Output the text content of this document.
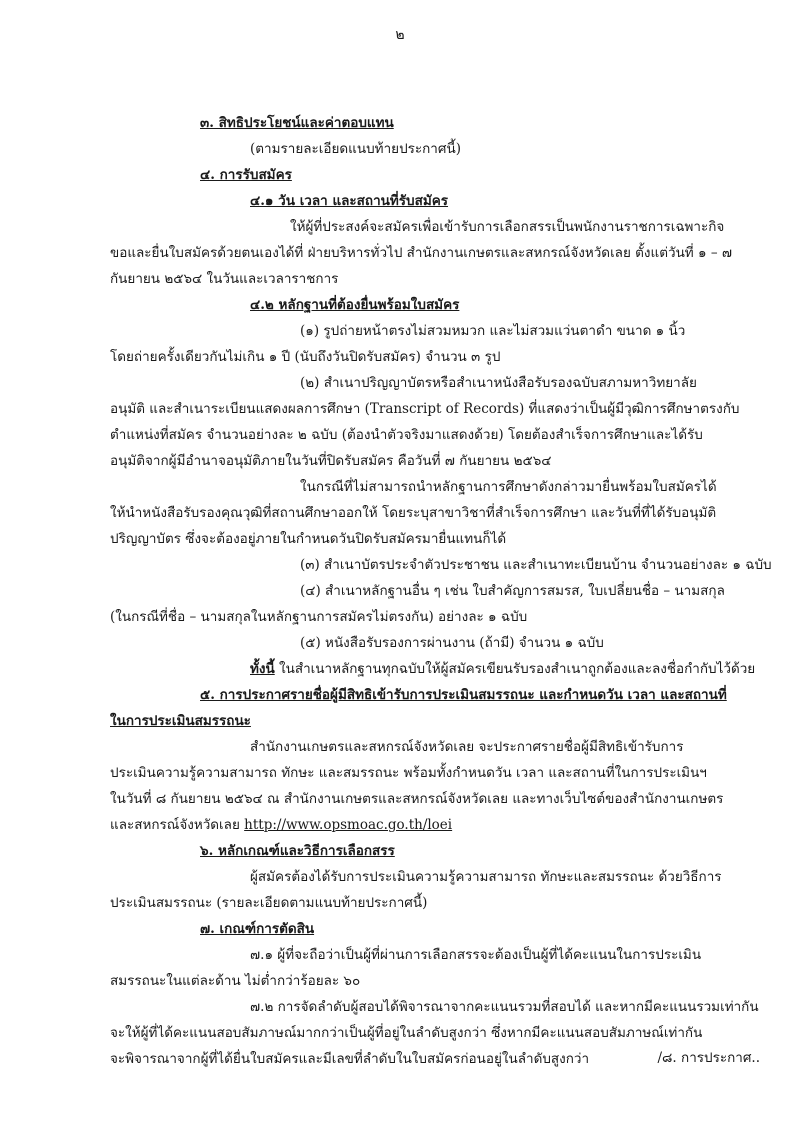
๒
๓. สิทธิประโยชน์และค่าตอบแทน
(ตามรายละเอียดแนบท้ายประกาศนี้)
๔. การรับสมัคร
๔.๑ วัน เวลา และสถานที่รับสมัคร
ให้ผู้ที่ประสงค์จะสมัครเพื่อเข้ารับการเลือกสรรเป็นพนักงานราชการเฉพาะกิจ
ขอและยื่นใบสมัครด้วยตนเองได้ที่ ฝ่ายบริหารทั่วไป สำนักงานเกษตรและสหกรณ์จังหวัดเลย ตั้งแต่วันที่ ๑ – ๗
กันยายน ๒๕๖๔ ในวันและเวลาราชการ
๔.๒ หลักฐานที่ต้องยื่นพร้อมใบสมัคร
(๑) รูปถ่ายหน้าตรงไม่สวมหมวก และไม่สวมแว่นตาดำ ขนาด ๑ นิ้ว
โดยถ่ายครั้งเดียวกันไม่เกิน ๑ ปี (นับถึงวันปิดรับสมัคร) จำนวน ๓ รูป
(๒) สำเนาปริญญาบัตรหรือสำเนาหนังสือรับรองฉบับสภามหาวิทยาลัย
อนุมัติ และสำเนาระเบียนแสดงผลการศึกษา (Transcript of Records) ที่แสดงว่าเป็นผู้มีวุฒิการศึกษาตรงกับ
ตำแหน่งที่สมัคร จำนวนอย่างละ ๒ ฉบับ (ต้องนำตัวจริงมาแสดงด้วย) โดยต้องสำเร็จการศึกษาและได้รับ
อนุมัติจากผู้มีอำนาจอนุมัติภายในวันที่ปิดรับสมัคร คือวันที่ ๗ กันยายน ๒๕๖๔
ในกรณีที่ไม่สามารถนำหลักฐานการศึกษาดังกล่าวมายื่นพร้อมใบสมัครได้
ให้นำหนังสือรับรองคุณวุฒิที่สถานศึกษาออกให้ โดยระบุสาขาวิชาที่สำเร็จการศึกษา และวันที่ที่ได้รับอนุมัติ
ปริญญาบัตร ซึ่งจะต้องอยู่ภายในกำหนดวันปิดรับสมัครมายื่นแทนก็ได้
(๓) สำเนาบัตรประจำตัวประชาชน และสำเนาทะเบียนบ้าน จำนวนอย่างละ ๑ ฉบับ
(๔) สำเนาหลักฐานอื่น ๆ เช่น ใบสำคัญการสมรส, ใบเปลี่ยนชื่อ – นามสกุล
(ในกรณีที่ชื่อ – นามสกุลในหลักฐานการสมัครไม่ตรงกัน) อย่างละ ๑ ฉบับ
(๕) หนังสือรับรองการผ่านงาน (ถ้ามี) จำนวน ๑ ฉบับ
ทั้งนี้ ในสำเนาหลักฐานทุกฉบับให้ผู้สมัครเขียนรับรองสำเนาถูกต้องและลงชื่อกำกับไว้ด้วย
๕. การประกาศรายชื่อผู้มีสิทธิเข้ารับการประเมินสมรรถนะ และกำหนดวัน เวลา และสถานที่
ในการประเมินสมรรถนะ
สำนักงานเกษตรและสหกรณ์จังหวัดเลย จะประกาศรายชื่อผู้มีสิทธิเข้ารับการ
ประเมินความรู้ความสามารถ ทักษะ และสมรรถนะ พร้อมทั้งกำหนดวัน เวลา และสถานที่ในการประเมินฯ
ในวันที่ ๘ กันยายน ๒๕๖๔ ณ สำนักงานเกษตรและสหกรณ์จังหวัดเลย และทางเว็บไซต์ของสำนักงานเกษตร
และสหกรณ์จังหวัดเลย http://www.opsmoac.go.th/loei
๖. หลักเกณฑ์และวิธีการเลือกสรร
ผู้สมัครต้องได้รับการประเมินความรู้ความสามารถ ทักษะและสมรรถนะ ด้วยวิธีการ
ประเมินสมรรถนะ (รายละเอียดตามแนบท้ายประกาศนี้)
๗. เกณฑ์การตัดสิน
๗.๑ ผู้ที่จะถือว่าเป็นผู้ที่ผ่านการเลือกสรรจะต้องเป็นผู้ที่ได้คะแนนในการประเมิน
สมรรถนะในแต่ละด้าน ไม่ต่ำกว่าร้อยละ ๖๐
๗.๒ การจัดลำดับผู้สอบได้พิจารณาจากคะแนนรวมที่สอบได้ และหากมีคะแนนรวมเท่ากัน
จะให้ผู้ที่ได้คะแนนสอบสัมภาษณ์มากกว่าเป็นผู้ที่อยู่ในลำดับสูงกว่า ซึ่งหากมีคะแนนสอบสัมภาษณ์เท่ากัน
จะพิจารณาจากผู้ที่ได้ยื่นใบสมัครและมีเลขที่ลำดับในใบสมัครก่อนอยู่ในลำดับสูงกว่า	/๘. การประกาศ..
